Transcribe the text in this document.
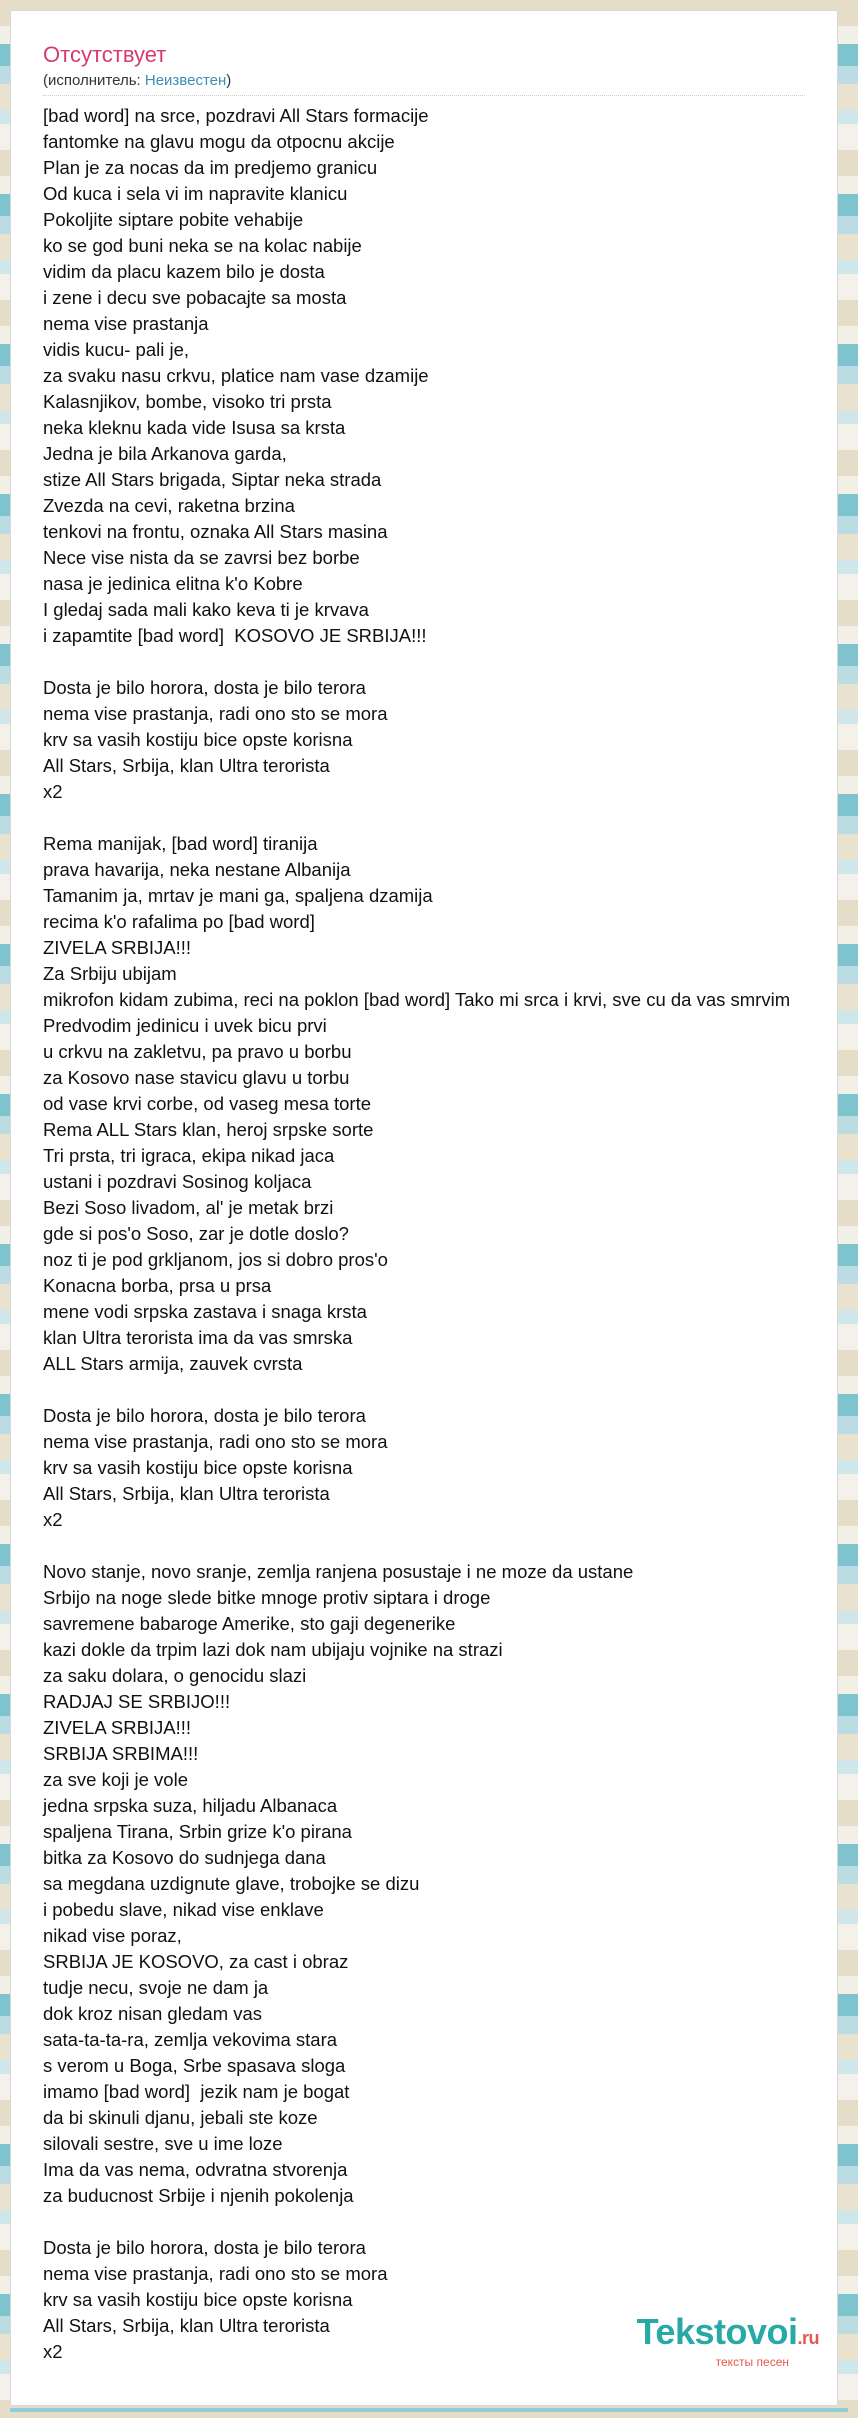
Отсутствует
(исполнитель: Неизвестен)
[bad word] na srce, pozdravi All Stars formacije
fantomke na glavu mogu da otpocnu akcije
Plan je za nocas da im predjemo granicu
Od kuca i sela vi im napravite klanicu
Pokoljite siptare pobite vehabije
ko se god buni neka se na kolac nabije
vidim da placu kazem bilo je dosta
i zene i decu sve pobacajte sa mosta
nema vise prastanja
vidis kucu- pali je,
za svaku nasu crkvu, platice nam vase dzamije
Kalasnjikov, bombe, visoko tri prsta
neka kleknu kada vide Isusa sa krsta
Jedna je bila Arkanova garda,
stize All Stars brigada, Siptar neka strada
Zvezda na cevi, raketna brzina
tenkovi na frontu, oznaka All Stars masina
Nece vise nista da se zavrsi bez borbe
nasa je jedinica elitna k'o Kobre
I gledaj sada mali kako keva ti je krvava
i zapamtite [bad word]  KOSOVO JE SRBIJA!!!

Dosta je bilo horora, dosta je bilo terora
nema vise prastanja, radi ono sto se mora
krv sa vasih kostiju bice opste korisna
All Stars, Srbija, klan Ultra terorista
x2

Rema manijak, [bad word] tiranija
prava havarija, neka nestane Albanija
Tamanim ja, mrtav je mani ga, spaljena dzamija
recima k'o rafalima po [bad word]
ZIVELA SRBIJA!!!
Za Srbiju ubijam
mikrofon kidam zubima, reci na poklon [bad word] Tako mi srca i krvi, sve cu da vas smrvim
Predvodim jedinicu i uvek bicu prvi
u crkvu na zakletvu, pa pravo u borbu
za Kosovo nase stavicu glavu u torbu
od vase krvi corbe, od vaseg mesa torte
Rema ALL Stars klan, heroj srpske sorte
Tri prsta, tri igraca, ekipa nikad jaca
ustani i pozdravi Sosinog koljaca
Bezi Soso livadom, al' je metak brzi
gde si pos'o Soso, zar je dotle doslo?
noz ti je pod grkljanom, jos si dobro pros'o
Konacna borba, prsa u prsa
mene vodi srpska zastava i snaga krsta
klan Ultra terorista ima da vas smrska
ALL Stars armija, zauvek cvrsta

Dosta je bilo horora, dosta je bilo terora
nema vise prastanja, radi ono sto se mora
krv sa vasih kostiju bice opste korisna
All Stars, Srbija, klan Ultra terorista
x2

Novo stanje, novo sranje, zemlja ranjena posustaje i ne moze da ustane
Srbijo na noge slede bitke mnoge protiv siptara i droge
savremene babaroge Amerike, sto gaji degenerike
kazi dokle da trpim lazi dok nam ubijaju vojnike na strazi
za saku dolara, o genocidu slazi
RADJAJ SE SRBIJO!!!
ZIVELA SRBIJA!!!
SRBIJA SRBIMA!!!
za sve koji je vole
jedna srpska suza, hiljadu Albanaca
spaljena Tirana, Srbin grize k'o pirana
bitka za Kosovo do sudnjega dana
sa megdana uzdignute glave, trobojke se dizu
i pobedu slave, nikad vise enklave
nikad vise poraz,
SRBIJA JE KOSOVO, za cast i obraz
tudje necu, svoje ne dam ja
dok kroz nisan gledam vas
sata-ta-ta-ra, zemlja vekovima stara
s verom u Boga, Srbe spasava sloga
imamo [bad word]  jezik nam je bogat
da bi skinuli djanu, jebali ste koze
silovali sestre, sve u ime loze
Ima da vas nema, odvratna stvorenja
za buducnost Srbije i njenih pokolenja

Dosta je bilo horora, dosta je bilo terora
nema vise prastanja, radi ono sto se mora
krv sa vasih kostiju bice opste korisna
All Stars, Srbija, klan Ultra terorista
x2	Tekstovoi.ru
тексты песен
